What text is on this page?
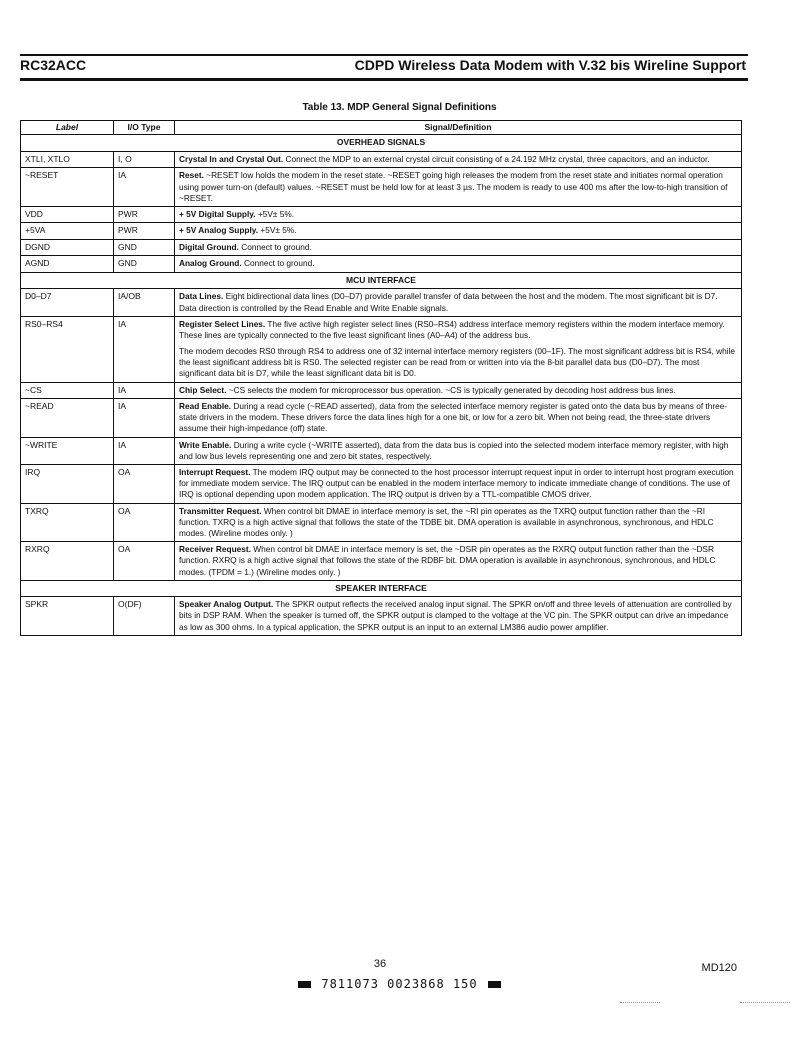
RC32ACC	CDPD Wireless Data Modem with V.32 bis Wireline Support
Table 13. MDP General Signal Definitions
Label	I/O Type	Signal/Definition
OVERHEAD SIGNALS		
XTLI, XTLO	I, O	Crystal In and Crystal Out. Connect the MDP to an external crystal circuit consisting of a 24.192 MHz crystal, three capacitors, and an inductor.

~RESET	IA	Reset. ~RESET low holds the modem in the reset state. ~RESET going high releases the modem from the reset state and initiates normal operation using power turn-on (default) values. ~RESET must be held low for at least 3 µs. The modem is ready to use 400 ms after the low-to-high transition of ~RESET.

VDD	PWR	+ 5V Digital Supply. +5V± 5%.

+5VA	PWR	+ 5V Analog Supply. +5V± 5%.

DGND	GND	Digital Ground. Connect to ground.

AGND	GND	Analog Ground. Connect to ground.

MCU INTERFACE		
D0–D7	IA/OB	Data Lines. Eight bidirectional data lines (D0–D7) provide parallel transfer of data between the host and the modem. The most significant bit is D7. Data direction is controlled by the Read Enable and Write Enable signals.

RS0–RS4	IA	Register Select Lines. The five active high register select lines (RS0–RS4) address interface memory registers within the modem interface memory. These lines are typically connected to the five least significant lines (A0–A4) of the address bus.

The modem decodes RS0 through RS4 to address one of 32 internal interface memory registers (00–1F). The most significant address bit is RS4, while the least significant address bit is RS0. The selected register can be read from or written into via the 8-bit parallel data bus (D0–D7). The most significant data bit is D7, while the least significant data bit is D0.

~CS	IA	Chip Select. ~CS selects the modem for microprocessor bus operation. ~CS is typically generated by decoding host address bus lines.

~READ	IA	Read Enable. During a read cycle (~READ asserted), data from the selected interface memory register is gated onto the data bus by means of three-state drivers in the modem. These drivers force the data lines high for a one bit, or low for a zero bit. When not being read, the three-state drivers assume their high-impedance (off) state.

~WRITE	IA	Write Enable. During a write cycle (~WRITE asserted), data from the data bus is copied into the selected modem interface memory register, with high and low bus levels representing one and zero bit states, respectively.

IRQ	OA	Interrupt Request. The modem IRQ output may be connected to the host processor interrupt request input in order to interrupt host program execution for immediate modem service. The IRQ output can be enabled in the modem interface memory to indicate immediate change of conditions. The use of IRQ is optional depending upon modem application. The IRQ output is driven by a TTL-compatible CMOS driver.

TXRQ	OA	Transmitter Request. When control bit DMAE in interface memory is set, the ~RI pin operates as the TXRQ output function rather than the ~RI function. TXRQ is a high active signal that follows the state of the TDBE bit. DMA operation is available in asynchronous, synchronous, and HDLC modes. (Wireline modes only. )

RXRQ	OA	Receiver Request. When control bit DMAE in interface memory is set, the ~DSR pin operates as the RXRQ output function rather than the ~DSR function. RXRQ is a high active signal that follows the state of the RDBF bit. DMA operation is available in asynchronous, synchronous, and HDLC modes. (TPDM = 1.) (Wireline modes only. )

SPEAKER INTERFACE		
SPKR	O(DF)	Speaker Analog Output. The SPKR output reflects the received analog input signal. The SPKR on/off and three levels of attenuation are controlled by bits in DSP RAM. When the speaker is turned off, the SPKR output is clamped to the voltage at the VC pin. The SPKR output can drive an impedance as low as 300 ohms. In a typical application, the SPKR output is an input to an external LM386 audio power amplifier.

36	MD120
7811073 0023868 150
